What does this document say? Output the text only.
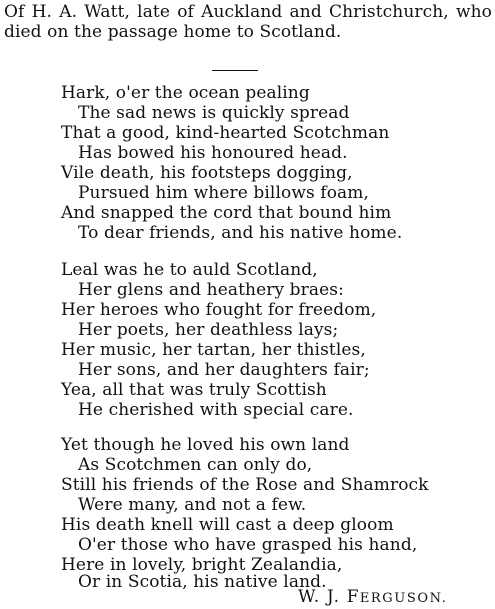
Of H. A. Watt, late of Auckland and Christchurch, who died on the passage home to Scotland.
Hark, o'er the ocean pealing
The sad news is quickly spread
That a good, kind-hearted Scotchman
Has bowed his honoured head.
Vile death, his footsteps dogging,
Pursued him where billows foam,
And snapped the cord that bound him
To dear friends, and his native home.
Leal was he to auld Scotland,
Her glens and heathery braes:
Her heroes who fought for freedom,
Her poets, her deathless lays;
Her music, her tartan, her thistles,
Her sons, and her daughters fair;
Yea, all that was truly Scottish
He cherished with special care.
Yet though he loved his own land
As Scotchmen can only do,
Still his friends of the Rose and Shamrock
Were many, and not a few.
His death knell will cast a deep gloom
O'er those who have grasped his hand,
Here in lovely, bright Zealandia,
Or in Scotia, his native land.
W. J. FERGUSON.
